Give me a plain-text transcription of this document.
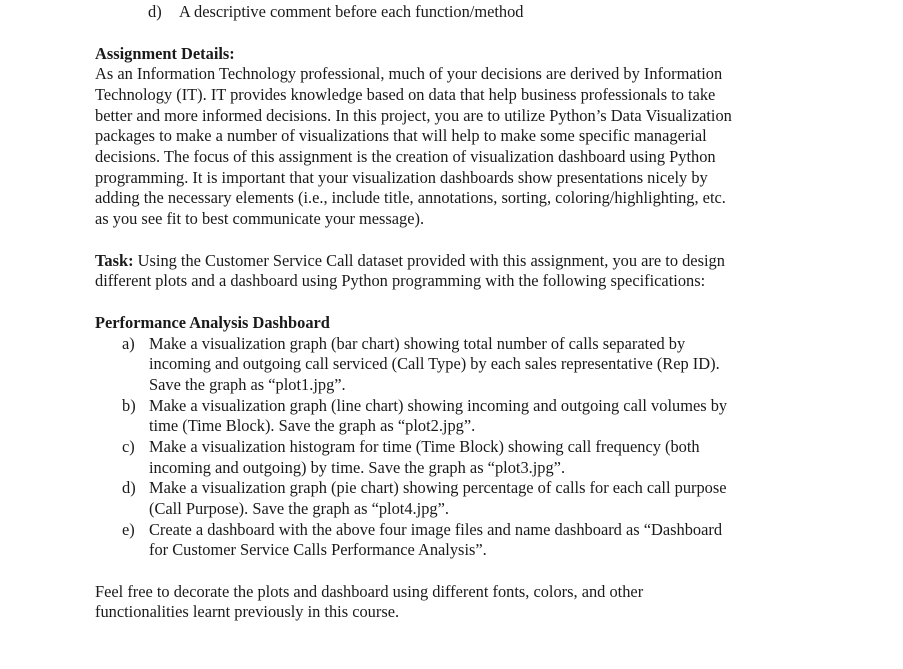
d) A descriptive comment before each function/method
Assignment Details:
As an Information Technology professional, much of your decisions are derived by Information
Technology (IT). IT provides knowledge based on data that help business professionals to take
better and more informed decisions. In this project, you are to utilize Python’s Data Visualization
packages to make a number of visualizations that will help to make some specific managerial
decisions. The focus of this assignment is the creation of visualization dashboard using Python
programming. It is important that your visualization dashboards show presentations nicely by
adding the necessary elements (i.e., include title, annotations, sorting, coloring/highlighting, etc.
as you see fit to best communicate your message).
Task: Using the Customer Service Call dataset provided with this assignment, you are to design
different plots and a dashboard using Python programming with the following specifications:
Performance Analysis Dashboard
a) Make a visualization graph (bar chart) showing total number of calls separated by
incoming and outgoing call serviced (Call Type) by each sales representative (Rep ID).
Save the graph as “plot1.jpg”.
b) Make a visualization graph (line chart) showing incoming and outgoing call volumes by
time (Time Block). Save the graph as “plot2.jpg”.
c) Make a visualization histogram for time (Time Block) showing call frequency (both
incoming and outgoing) by time. Save the graph as “plot3.jpg”.
d) Make a visualization graph (pie chart) showing percentage of calls for each call purpose
(Call Purpose). Save the graph as “plot4.jpg”.
e) Create a dashboard with the above four image files and name dashboard as “Dashboard
for Customer Service Calls Performance Analysis”.
Feel free to decorate the plots and dashboard using different fonts, colors, and other
functionalities learnt previously in this course.
